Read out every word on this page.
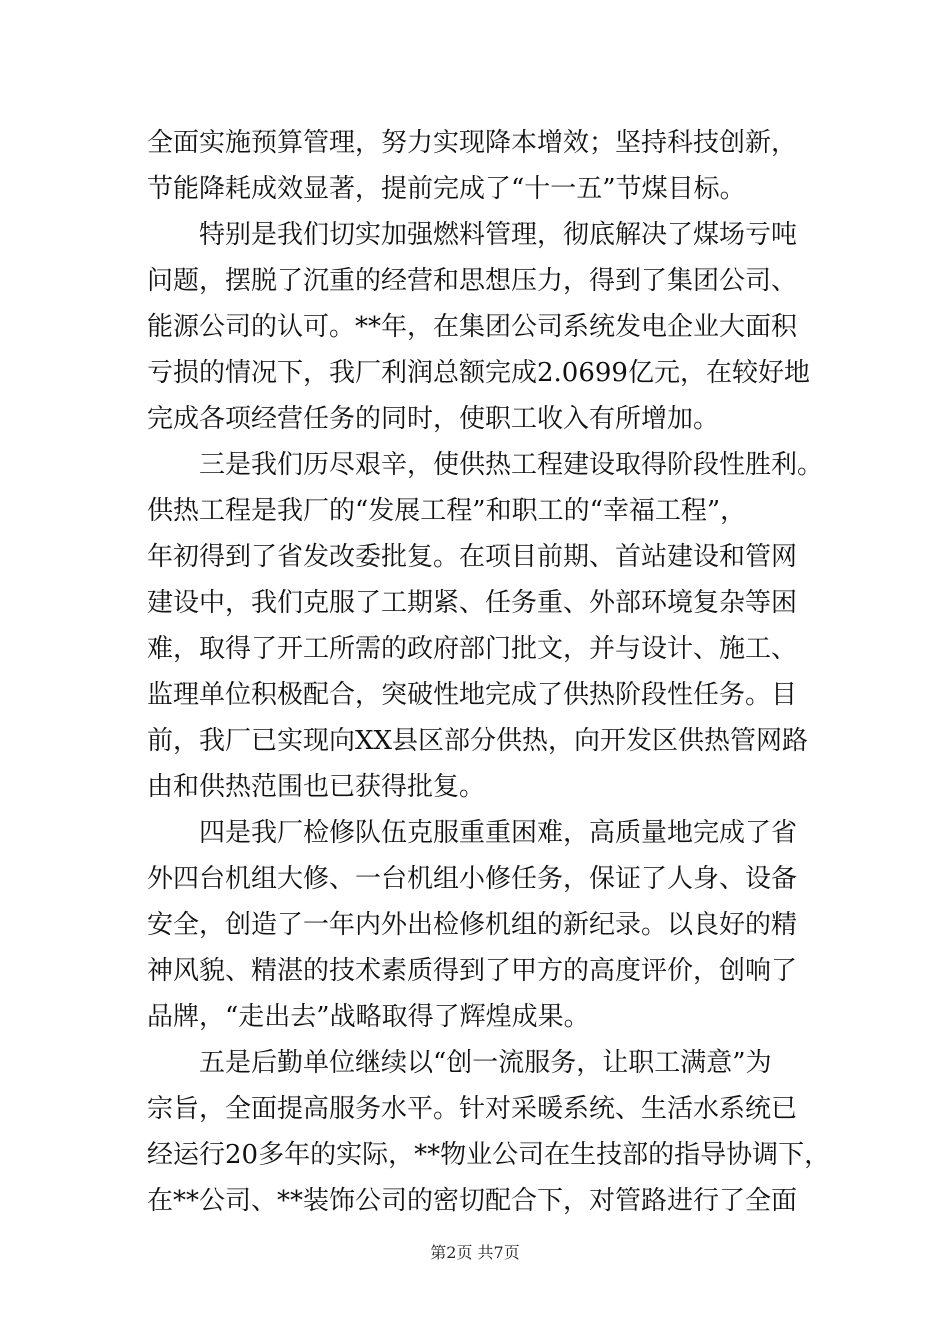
全面实施预算管理，努力实现降本增效；坚持科技创新，
节能降耗成效显著，提前完成了“十一五”节煤目标。
　　特别是我们切实加强燃料管理，彻底解决了煤场亏吨
问题，摆脱了沉重的经营和思想压力，得到了集团公司、
能源公司的认可。**年，在集团公司系统发电企业大面积
亏损的情况下，我厂利润总额完成2.0699亿元，在较好地
完成各项经营任务的同时，使职工收入有所增加。
　　三是我们历尽艰辛，使供热工程建设取得阶段性胜利。
供热工程是我厂的“发展工程”和职工的“幸福工程”，
年初得到了省发改委批复。在项目前期、首站建设和管网
建设中，我们克服了工期紧、任务重、外部环境复杂等困
难，取得了开工所需的政府部门批文，并与设计、施工、
监理单位积极配合，突破性地完成了供热阶段性任务。目
前，我厂已实现向XX县区部分供热，向开发区供热管网路
由和供热范围也已获得批复。
　　四是我厂检修队伍克服重重困难，高质量地完成了省
外四台机组大修、一台机组小修任务，保证了人身、设备
安全，创造了一年内外出检修机组的新纪录。以良好的精
神风貌、精湛的技术素质得到了甲方的高度评价，创响了
品牌，“走出去”战略取得了辉煌成果。
　　五是后勤单位继续以“创一流服务，让职工满意”为
宗旨，全面提高服务水平。针对采暖系统、生活水系统已
经运行20多年的实际，**物业公司在生技部的指导协调下，
在**公司、**装饰公司的密切配合下，对管路进行了全面
第2页 共7页
